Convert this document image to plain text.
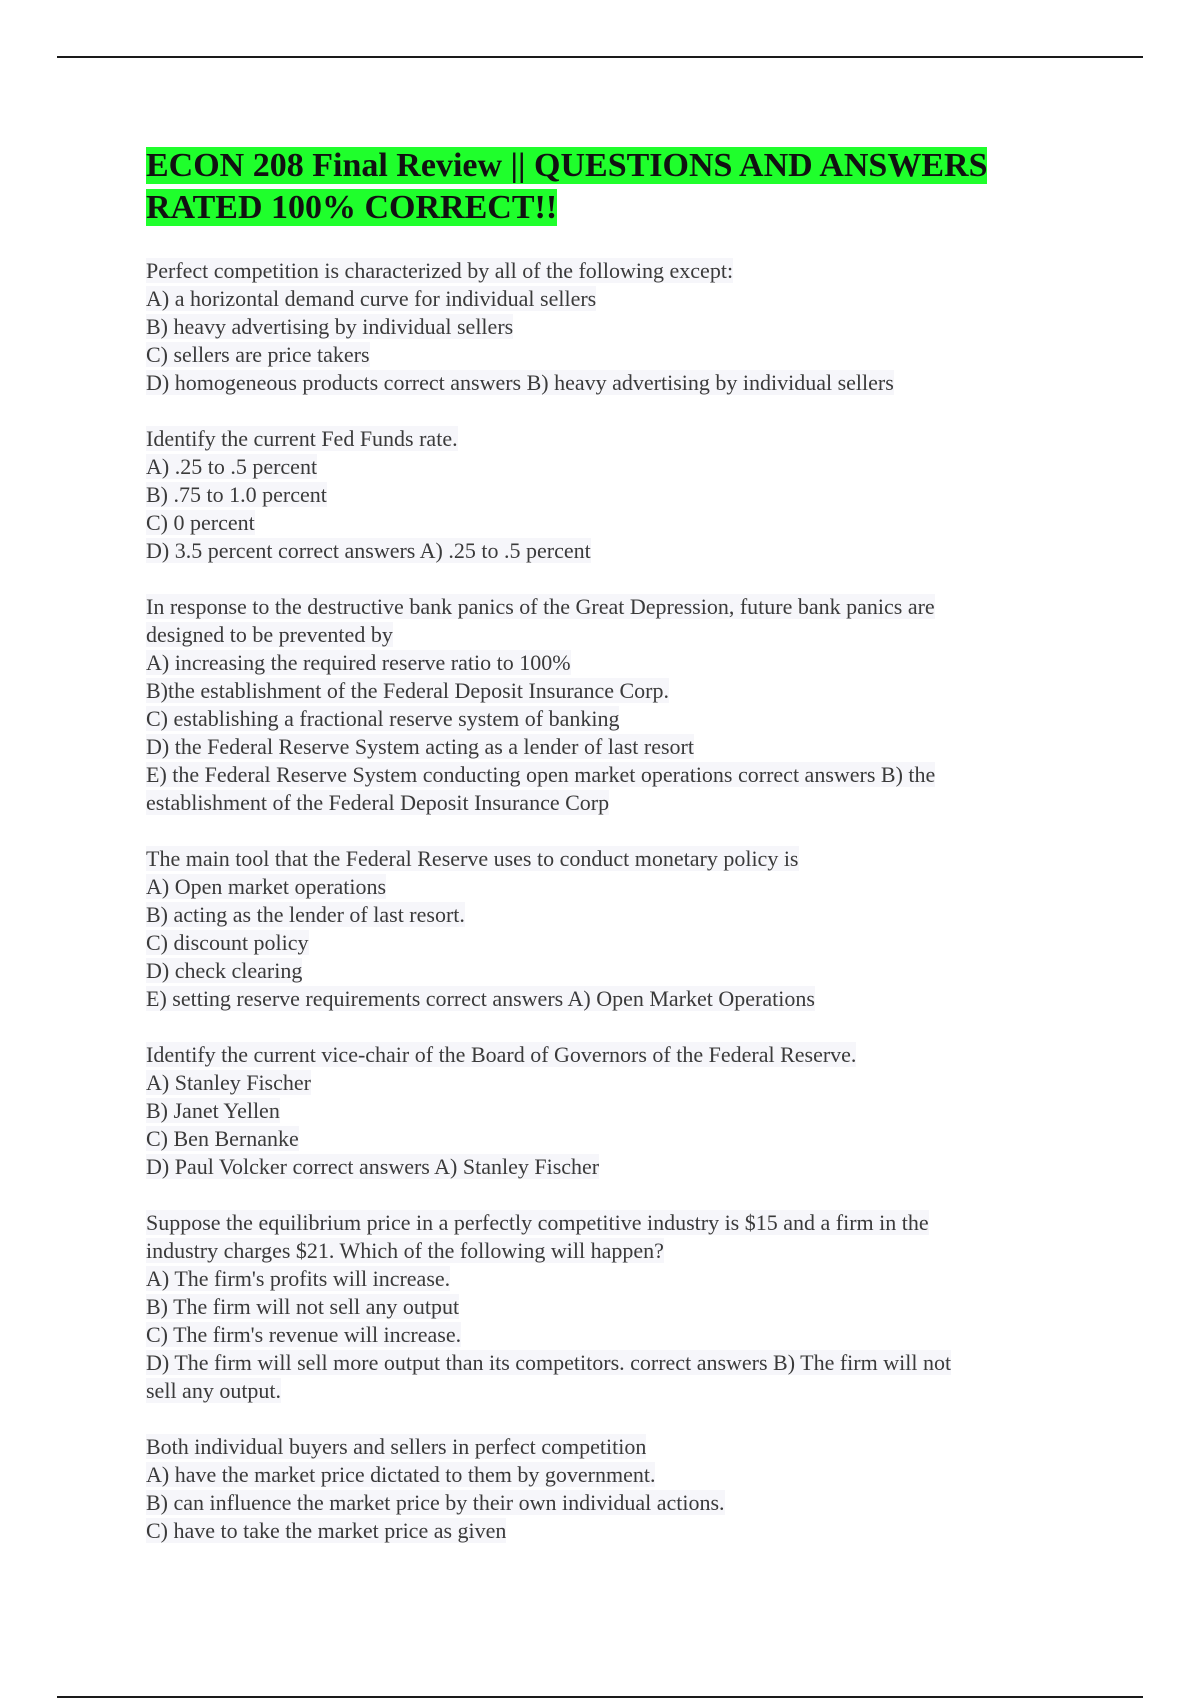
ECON 208 Final Review || QUESTIONS AND ANSWERS RATED 100% CORRECT!!

Perfect competition is characterized by all of the following except:

A) a horizontal demand curve for individual sellers

B) heavy advertising by individual sellers

C) sellers are price takers

D) homogeneous products correct answers B) heavy advertising by individual sellers

Identify the current Fed Funds rate.

A) .25 to .5 percent

B) .75 to 1.0 percent

C) 0 percent

D) 3.5 percent correct answers A) .25 to .5 percent

In response to the destructive bank panics of the Great Depression, future bank panics are

designed to be prevented by

A) increasing the required reserve ratio to 100%

B)the establishment of the Federal Deposit Insurance Corp.

C) establishing a fractional reserve system of banking

D) the Federal Reserve System acting as a lender of last resort

E) the Federal Reserve System conducting open market operations correct answers B) the

establishment of the Federal Deposit Insurance Corp

The main tool that the Federal Reserve uses to conduct monetary policy is

A) Open market operations

B) acting as the lender of last resort.

C) discount policy

D) check clearing

E) setting reserve requirements correct answers A) Open Market Operations

Identify the current vice-chair of the Board of Governors of the Federal Reserve.

A) Stanley Fischer

B) Janet Yellen

C) Ben Bernanke

D) Paul Volcker correct answers A) Stanley Fischer

Suppose the equilibrium price in a perfectly competitive industry is $15 and a firm in the

industry charges $21. Which of the following will happen?

A) The firm's profits will increase.

B) The firm will not sell any output

C) The firm's revenue will increase.

D) The firm will sell more output than its competitors. correct answers B) The firm will not

sell any output.

Both individual buyers and sellers in perfect competition

A) have the market price dictated to them by government.

B) can influence the market price by their own individual actions.

C) have to take the market price as given
